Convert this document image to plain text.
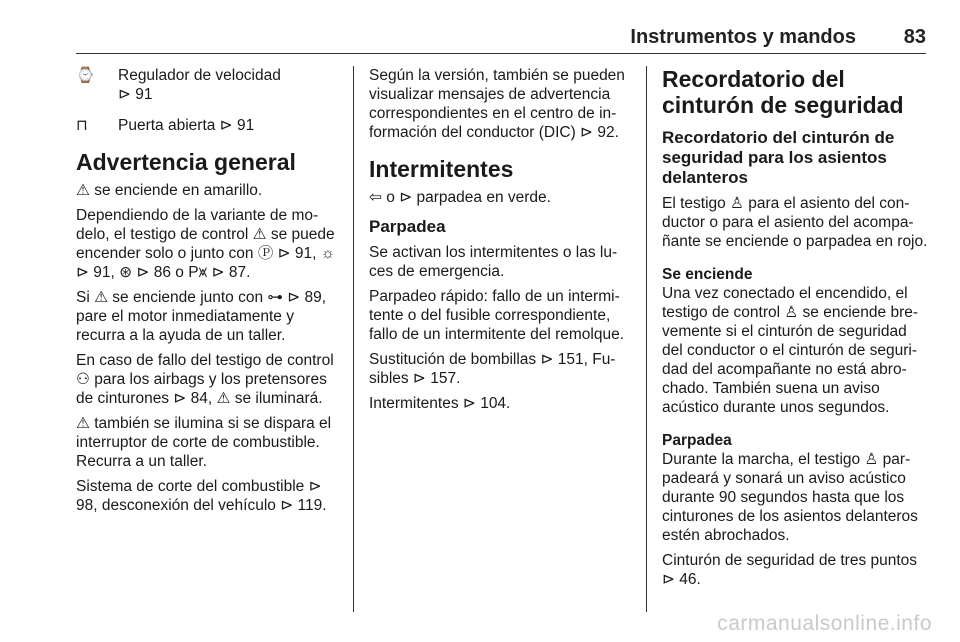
Instrumentos y mandos 83
⌚	Regulador de velocidad
⊳ 91
⊓	Puerta abierta ⊳ 91
Advertencia general

⚠ se enciende en amarillo.

Dependiendo de la variante de mo-delo, el testigo de control ⚠ se puede encender solo o junto con Ⓟ ⊳ 91, ☼ ⊳ 91, ⊛ ⊳ 86 o P⩙ ⊳ 87.

Si ⚠ se enciende junto con ⊶ ⊳ 89, pare el motor inmediatamente y recurra a la ayuda de un taller.

En caso de fallo del testigo de control ⚇ para los airbags y los pretensores de cinturones ⊳ 84, ⚠ se iluminará.

⚠ también se ilumina si se dispara el interruptor de corte de combustible. Recurra a un taller.

Sistema de corte del combustible ⊳ 98, desconexión del vehículo ⊳ 119.

Según la versión, también se pueden visualizar mensajes de advertencia correspondientes en el centro de in-formación del conductor (DIC) ⊳ 92.

Intermitentes

⇦ o ⊳ parpadea en verde.

Parpadea

Se activan los intermitentes o las lu-ces de emergencia.

Parpadeo rápido: fallo de un intermi-tente o del fusible correspondiente, fallo de un intermitente del remolque.

Sustitución de bombillas ⊳ 151, Fu-sibles ⊳ 157.

Intermitentes ⊳ 104.

Recordatorio del cinturón de seguridad
Recordatorio del cinturón de seguridad para los asientos delanteros

El testigo ♙ para el asiento del con-ductor o para el asiento del acompa-ñante se enciende o parpadea en rojo.

Se enciende

Una vez conectado el encendido, el testigo de control ♙ se enciende bre-vemente si el cinturón de seguridad del conductor o el cinturón de seguri-dad del acompañante no está abro-chado. También suena un aviso acústico durante unos segundos.

Parpadea

Durante la marcha, el testigo ♙ par-padeará y sonará un aviso acústico durante 90 segundos hasta que los cinturones de los asientos delanteros estén abrochados.

Cinturón de seguridad de tres puntos ⊳ 46.

carmanualsonline.info
